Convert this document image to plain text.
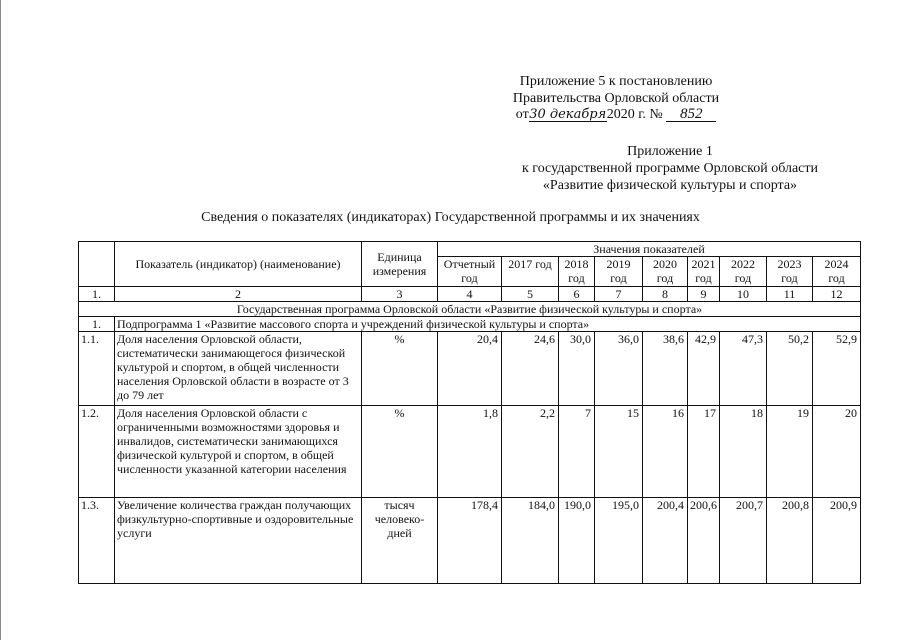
Приложение 5 к постановлению
Правительства Орловской области
от30 декабря2020 г. № 852
Приложение 1
к государственной программе Орловской области
«Развитие физической культуры и спорта»
Сведения о показателях (индикаторах) Государственной программы и их значениях
	Показатель (индикатор) (наименование)	Единица измерения	Значения показателей								
			Отчетный год	2017 год	2018 год	2019 год	2020 год	2021 год	2022 год	2023 год	2024 год
1.	2	3	4	5	6	7	8	9	10	11	12
Государственная программа Орловской области «Развитие физической культуры и спорта»											
1.	Подпрограмма 1 «Развитие массового спорта и учреждений физической культуры и спорта»										
1.1.	Доля населения Орловской области, систематически занимающегося физической культурой и спортом, в общей численности населения Орловской области в возрасте от 3 до 79 лет	%	20,4	24,6	30,0	36,0	38,6	42,9	47,3	50,2	52,9
1.2.	Доля населения Орловской области с ограниченными возможностями здоровья и инвалидов, систематически занимающихся физической культурой и спортом, в общей численности указанной категории населения	%	1,8	2,2	7	15	16	17	18	19	20
1.3.	Увеличение количества граждан получающих физкультурно-спортивные и оздоровительные услуги	тысяч человеко-дней	178,4	184,0	190,0	195,0	200,4	200,6	200,7	200,8	200,9
